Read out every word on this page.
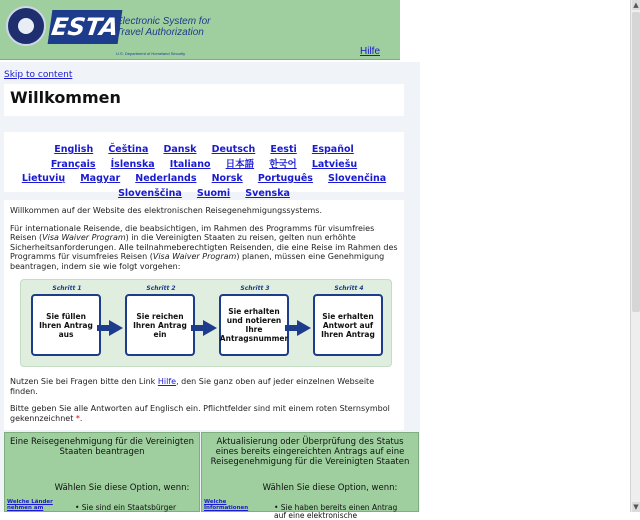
ESTA
Electronic System for
Travel Authorization
U.S. Department of Homeland Security	Hilfe
Skip to content
Willkommen
English Čeština Dansk Deutsch Eesti Español
Français Íslenska Italiano 日本語 한국어 Latviešu
Lietuvių Magyar Nederlands Norsk Português Slovenčina
Slovenščina Suomi Svenska

Willkommen auf der Website des elektronischen Reisegenehmigungssystems.

Für internationale Reisende, die beabsichtigen, im Rahmen des Programms für visumfreies Reisen (Visa Waiver Program) in die Vereinigten Staaten zu reisen, gelten nun erhöhte Sicherheitsanforderungen. Alle teilnahmeberechtigten Reisenden, die eine Reise im Rahmen des Programms für visumfreies Reisen (Visa Waiver Program) planen, müssen eine Genehmigung beantragen, indem sie wie folgt vorgehen:

Schritt 1
Sie füllen Ihren Antrag aus
Schritt 2
Sie reichen Ihren Antrag ein
Schritt 3
Sie erhalten und notieren Ihre Antragsnummer
Schritt 4
Sie erhalten Antwort auf Ihren Antrag

Nutzen Sie bei Fragen bitte den Link Hilfe, den Sie ganz oben auf jeder einzelnen Webseite finden.

Bitte geben Sie alle Antworten auf Englisch ein. Pflichtfelder sind mit einem roten Sternsymbol gekennzeichnet *.

Eine Reisegenehmigung für die Vereinigten Staaten beantragen
Wählen Sie diese Option, wenn:
Welche Länder nehmen am	• Sie sind ein Staatsbürger
Aktualisierung oder Überprüfung des Status eines bereits eingereichten Antrags auf eine Reisegenehmigung für die Vereinigten Staaten
Wählen Sie diese Option, wenn:
Welche Informationen	• Sie haben bereits einen Antrag auf eine elektronische
▲
▼
